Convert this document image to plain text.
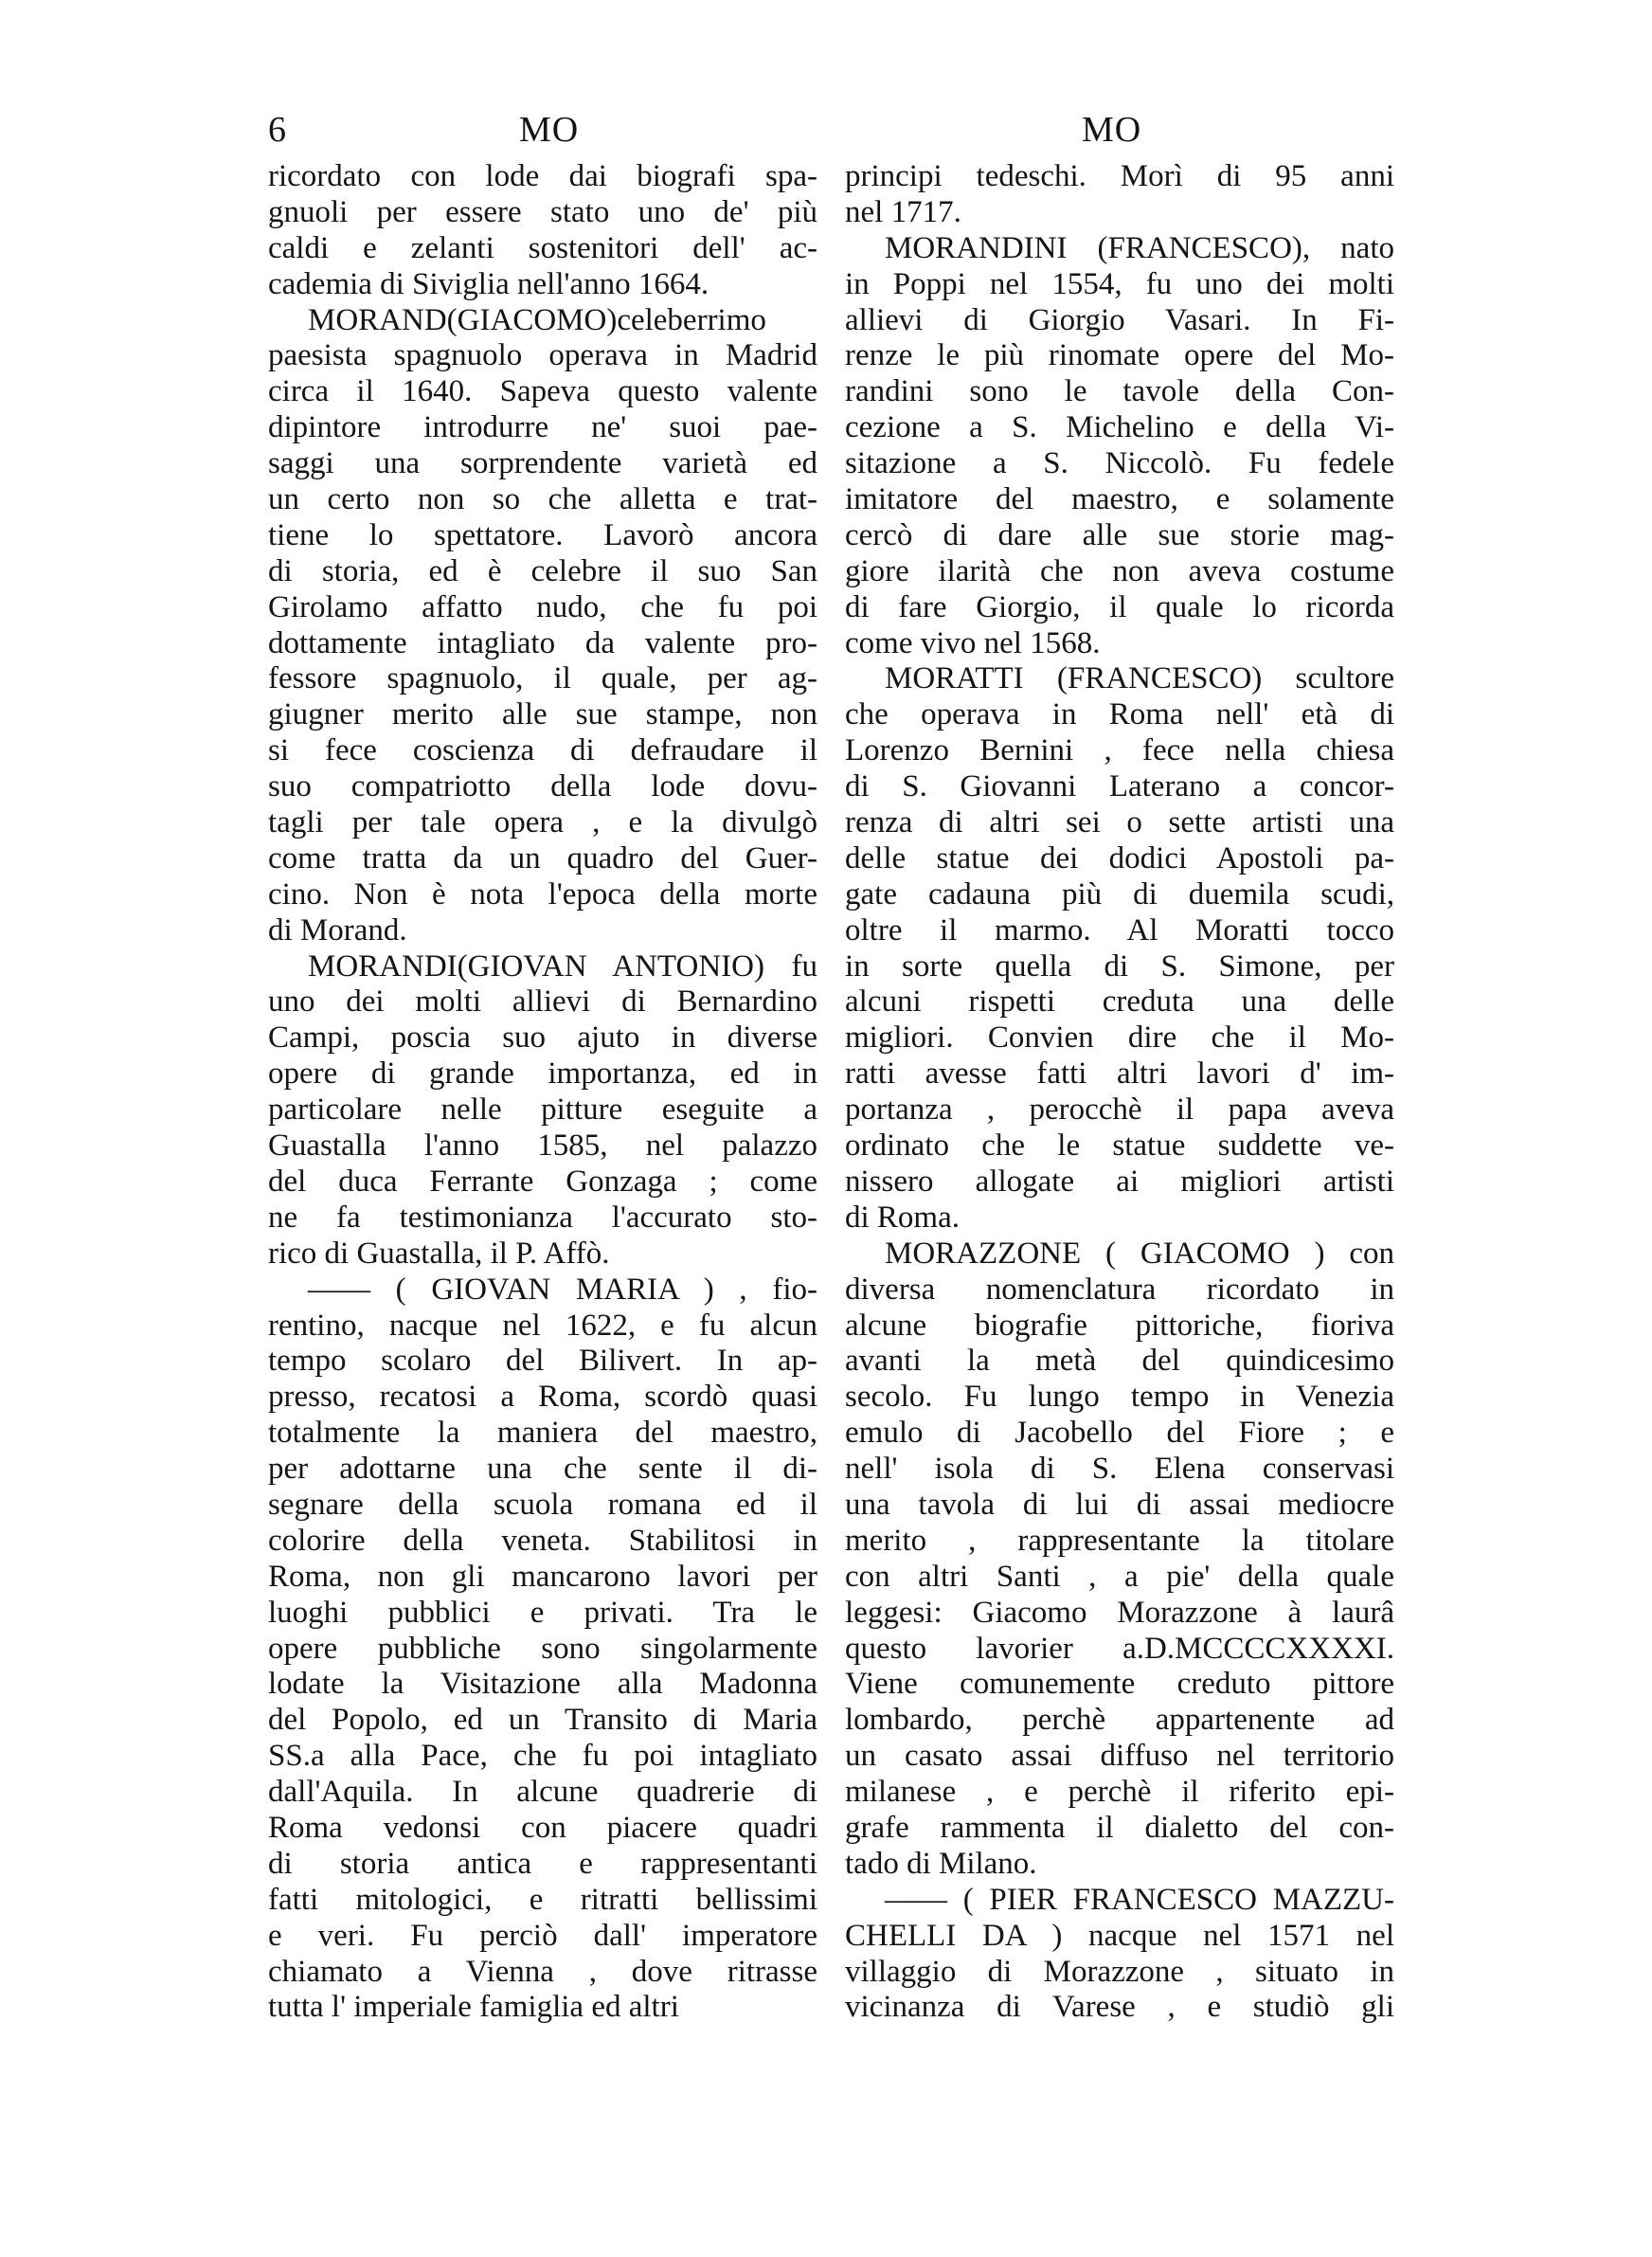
6	MO	MO
ricordato con lode dai biografi spa-
gnuoli per essere stato uno de' più
caldi e zelanti sostenitori dell' ac-
cademia di Siviglia nell'anno 1664.
MORAND(GIACOMO)celeberrimo
paesista spagnuolo operava in Madrid
circa il 1640. Sapeva questo valente
dipintore introdurre ne' suoi pae-
saggi una sorprendente varietà ed
un certo non so che alletta e trat-
tiene lo spettatore. Lavorò ancora
di storia, ed è celebre il suo San
Girolamo affatto nudo, che fu poi
dottamente intagliato da valente pro-
fessore spagnuolo, il quale, per ag-
giugner merito alle sue stampe, non
si fece coscienza di defraudare il
suo compatriotto della lode dovu-
tagli per tale opera , e la divulgò
come tratta da un quadro del Guer-
cino. Non è nota l'epoca della morte
di Morand.
MORANDI(GIOVAN ANTONIO) fu
uno dei molti allievi di Bernardino
Campi, poscia suo ajuto in diverse
opere di grande importanza, ed in
particolare nelle pitture eseguite a
Guastalla l'anno 1585, nel palazzo
del duca Ferrante Gonzaga ; come
ne fa testimonianza l'accurato sto-
rico di Guastalla, il P. Affò.
—— ( GIOVAN MARIA ) , fio-
rentino, nacque nel 1622, e fu alcun
tempo scolaro del Bilivert. In ap-
presso, recatosi a Roma, scordò quasi
totalmente la maniera del maestro,
per adottarne una che sente il di-
segnare della scuola romana ed il
colorire della veneta. Stabilitosi in
Roma, non gli mancarono lavori per
luoghi pubblici e privati. Tra le
opere pubbliche sono singolarmente
lodate la Visitazione alla Madonna
del Popolo, ed un Transito di Maria
SS.a alla Pace, che fu poi intagliato
dall'Aquila. In alcune quadrerie di
Roma vedonsi con piacere quadri
di storia antica e rappresentanti
fatti mitologici, e ritratti bellissimi
e veri. Fu perciò dall' imperatore
chiamato a Vienna , dove ritrasse
tutta l' imperiale famiglia ed altri
principi tedeschi. Morì di 95 anni
nel 1717.
MORANDINI (FRANCESCO), nato
in Poppi nel 1554, fu uno dei molti
allievi di Giorgio Vasari. In Fi-
renze le più rinomate opere del Mo-
randini sono le tavole della Con-
cezione a S. Michelino e della Vi-
sitazione a S. Niccolò. Fu fedele
imitatore del maestro, e solamente
cercò di dare alle sue storie mag-
giore ilarità che non aveva costume
di fare Giorgio, il quale lo ricorda
come vivo nel 1568.
MORATTI (FRANCESCO) scultore
che operava in Roma nell' età di
Lorenzo Bernini , fece nella chiesa
di S. Giovanni Laterano a concor-
renza di altri sei o sette artisti una
delle statue dei dodici Apostoli pa-
gate cadauna più di duemila scudi,
oltre il marmo. Al Moratti tocco
in sorte quella di S. Simone, per
alcuni rispetti creduta una delle
migliori. Convien dire che il Mo-
ratti avesse fatti altri lavori d' im-
portanza , perocchè il papa aveva
ordinato che le statue suddette ve-
nissero allogate ai migliori artisti
di Roma.
MORAZZONE ( GIACOMO ) con
diversa nomenclatura ricordato in
alcune biografie pittoriche, fioriva
avanti la metà del quindicesimo
secolo. Fu lungo tempo in Venezia
emulo di Jacobello del Fiore ; e
nell' isola di S. Elena conservasi
una tavola di lui di assai mediocre
merito , rappresentante la titolare
con altri Santi , a pie' della quale
leggesi: Giacomo Morazzone à laurâ
questo lavorier a.D.MCCCCXXXXI.
Viene comunemente creduto pittore
lombardo, perchè appartenente ad
un casato assai diffuso nel territorio
milanese , e perchè il riferito epi-
grafe rammenta il dialetto del con-
tado di Milano.
—— ( PIER FRANCESCO MAZZU-
CHELLI DA ) nacque nel 1571 nel
villaggio di Morazzone , situato in
vicinanza di Varese , e studiò gli
